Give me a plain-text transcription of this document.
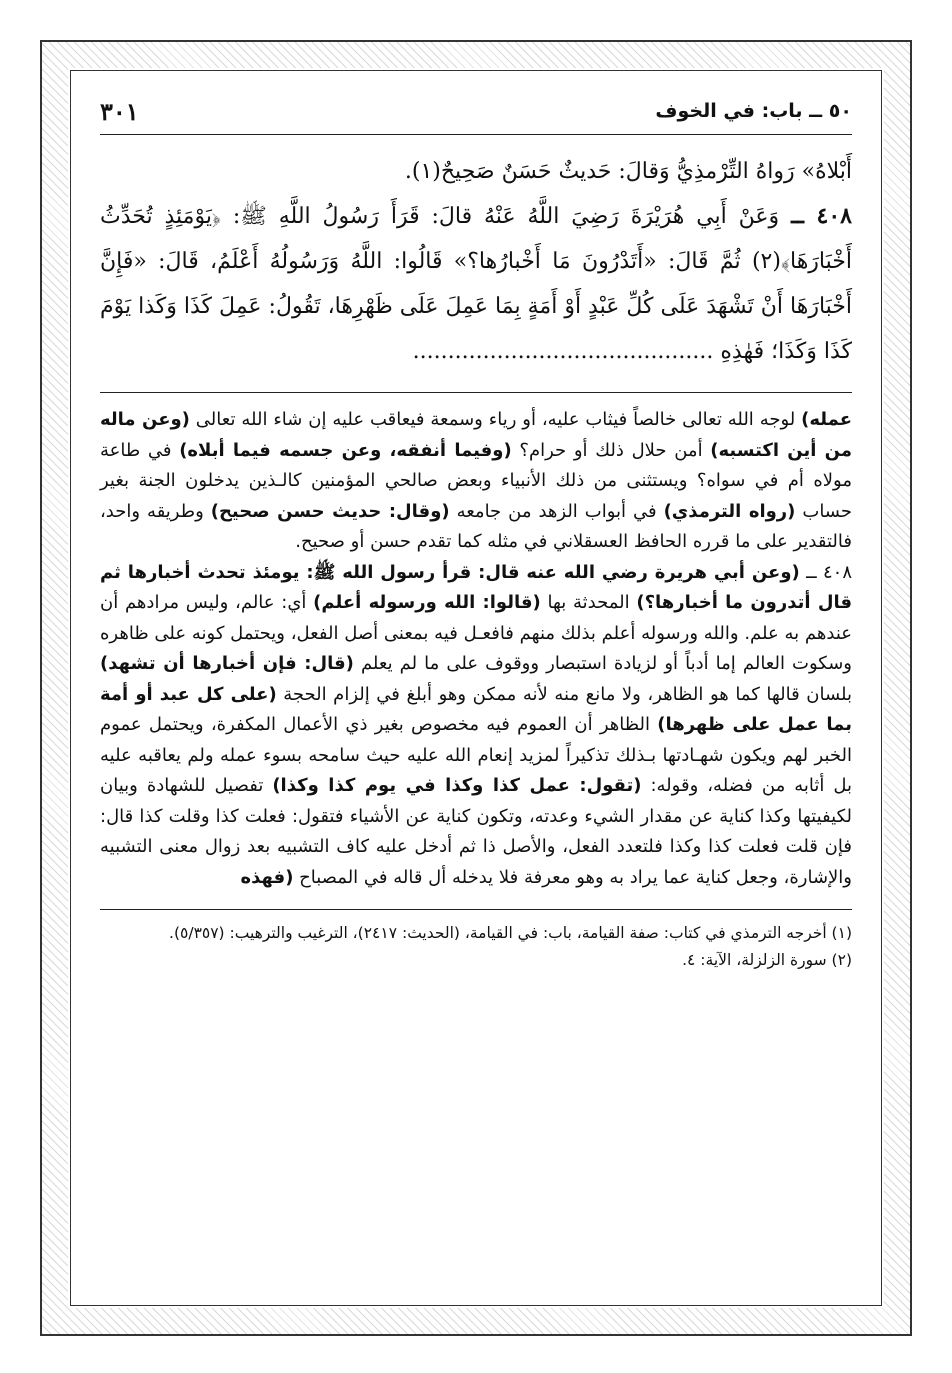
٥٠ ــ باب: في الخوف
٣٠١

أَبْلاهُ» رَواهُ التِّرْمذِيُّ وَقالَ: حَديثٌ حَسَنٌ صَحِيحٌ(١).

٤٠٨ ــ وَعَنْ أَبِي هُرَيْرَةَ رَضِيَ اللَّهُ عَنْهُ قالَ: قَرَأَ رَسُولُ اللَّهِ ﷺ: ﴿يَوْمَئِذٍ تُحَدِّثُ أَخْبَارَهَا﴾(٢) ثُمَّ قَالَ: «أَتَدْرُونَ مَا أَخْبارُها؟» قَالُوا: اللَّهُ وَرَسُولُهُ أَعْلَمُ، قَالَ: «فَإِنَّ أَخْبَارَهَا أَنْ تَشْهَدَ عَلَى كُلِّ عَبْدٍ أَوْ أَمَةٍ بِمَا عَمِلَ عَلَى ظَهْرِهَا، تَقُولُ: عَمِلَ كَذَا وَكَذا يَوْمَ كَذَا وَكَذَا؛ فَهٰذِهِ ...........................................

عمله) لوجه الله تعالى خالصاً فيثاب عليه، أو رياء وسمعة فيعاقب عليه إن شاء الله تعالى (وعن ماله من أين اكتسبه) أمن حلال ذلك أو حرام؟ (وفيما أنفقه، وعن جسمه فيما أبلاه) في طاعة مولاه أم في سواه؟ ويستثنى من ذلك الأنبياء وبعض صالحي المؤمنين كالـذين يدخلون الجنة بغير حساب (رواه الترمذي) في أبواب الزهد من جامعه (وقال: حديث حسن صحيح) وطريقه واحد، فالتقدير على ما قرره الحافظ العسقلاني في مثله كما تقدم حسن أو صحيح.

٤٠٨ ــ (وعن أبي هريرة رضي الله عنه قال: قرأ رسول الله ﷺ: يومئذ تحدث أخبارها ثم قال أتدرون ما أخبارها؟) المحدثة بها (قالوا: الله ورسوله أعلم) أي: عالم، وليس مرادهم أن عندهم به علم. والله ورسوله أعلم بذلك منهم فافعـل فيه بمعنى أصل الفعل، ويحتمل كونه على ظاهره وسكوت العالم إما أدباً أو لزيادة استبصار ووقوف على ما لم يعلم (قال: فإن أخبارها أن تشهد) بلسان قالها كما هو الظاهر، ولا مانع منه لأنه ممكن وهو أبلغ في إلزام الحجة (على كل عبد أو أمة بما عمل على ظهرها) الظاهر أن العموم فيه مخصوص بغير ذي الأعمال المكفرة، ويحتمل عموم الخبر لهم ويكون شهـادتها بـذلك تذكيراً لمزيد إنعام الله عليه حيث سامحه بسوء عمله ولم يعاقبه عليه بل أثابه من فضله، وقوله: (تقول: عمل كذا وكذا في يوم كذا وكذا) تفصيل للشهادة وبيان لكيفيتها وكذا كناية عن مقدار الشيء وعدته، وتكون كناية عن الأشياء فتقول: فعلت كذا وقلت كذا قال: فإن قلت فعلت كذا وكذا فلتعدد الفعل، والأصل ذا ثم أدخل عليه كاف التشبيه بعد زوال معنى التشبيه والإشارة، وجعل كناية عما يراد به وهو معرفة فلا يدخله أل قاله في المصباح (فهذه

(١) أخرجه الترمذي في كتاب: صفة القيامة، باب: في القيامة، (الحديث: ٢٤١٧)، الترغيب والترهيب: (٥/٣٥٧).

(٢) سورة الزلزلة، الآية: ٤.
